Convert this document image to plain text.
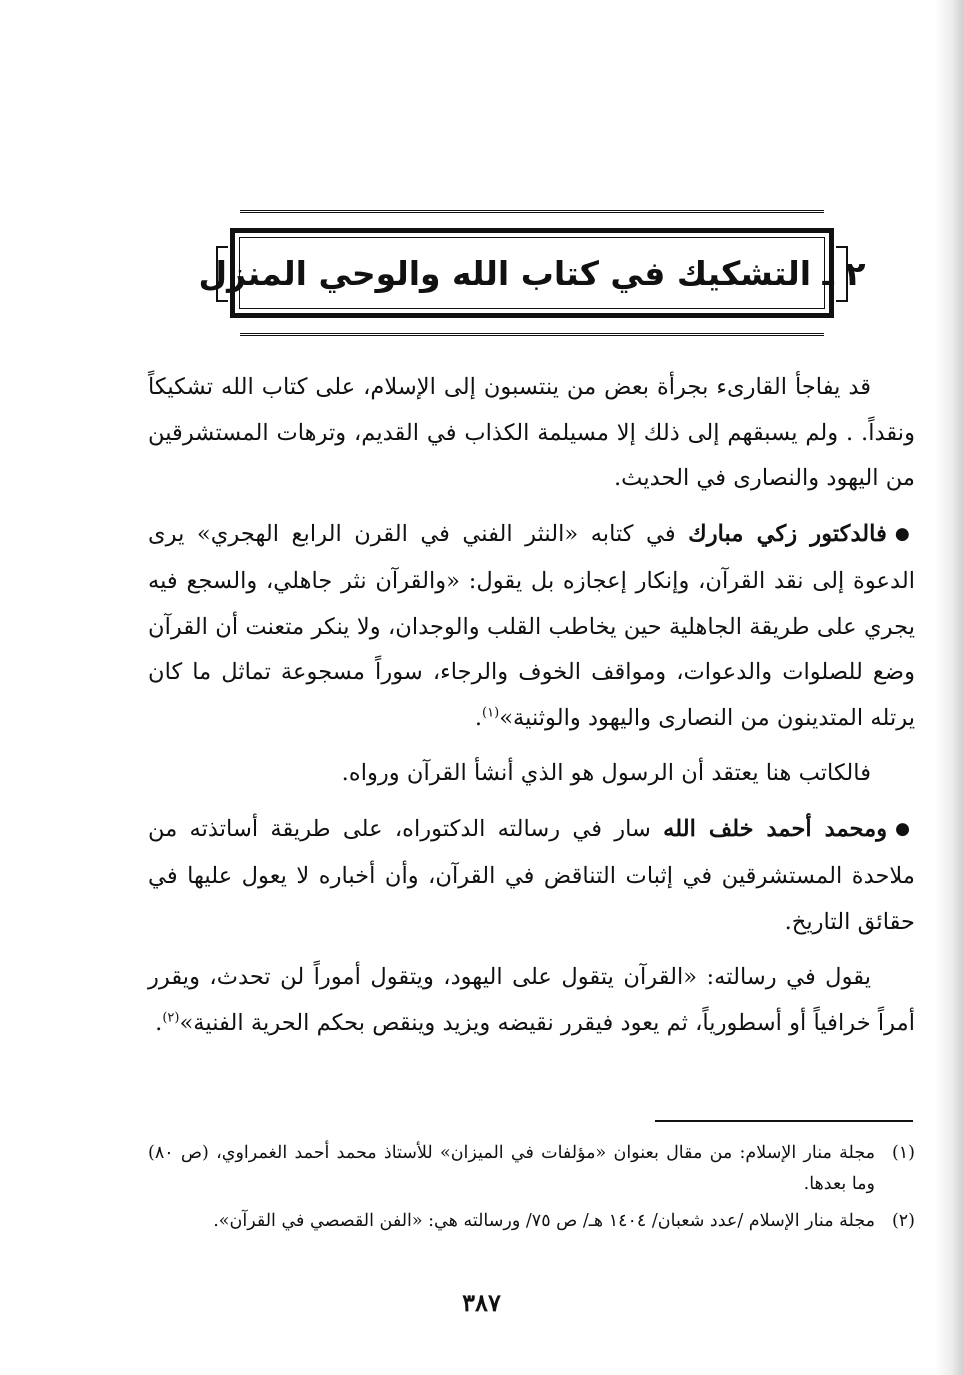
٢ ـ التشكيك في كتاب الله والوحي المنزل

قد يفاجأ القارىء بجرأة بعض من ينتسبون إلى الإسلام، على كتاب الله تشكيكاً ونقداً. . ولم يسبقهم إلى ذلك إلا مسيلمة الكذاب في القديم، وترهات المستشرقين من اليهود والنصارى في الحديث.

● فالدكتور زكي مبارك في كتابه «النثر الفني في القرن الرابع الهجري» يرى الدعوة إلى نقد القرآن، وإنكار إعجازه بل يقول: «والقرآن نثر جاهلي، والسجع فيه يجري على طريقة الجاهلية حين يخاطب القلب والوجدان، ولا ينكر متعنت أن القرآن وضع للصلوات والدعوات، ومواقف الخوف والرجاء، سوراً مسجوعة تماثل ما كان يرتله المتدينون من النصارى واليهود والوثنية»$^{(١)}$.

فالكاتب هنا يعتقد أن الرسول هو الذي أنشأ القرآن ورواه.

● ومحمد أحمد خلف الله سار في رسالته الدكتوراه، على طريقة أساتذته من ملاحدة المستشرقين في إثبات التناقض في القرآن، وأن أخباره لا يعول عليها في حقائق التاريخ.

يقول في رسالته: «القرآن يتقول على اليهود، ويتقول أموراً لن تحدث، ويقرر أمراً خرافياً أو أسطورياً، ثم يعود فيقرر نقيضه ويزيد وينقص بحكم الحرية الفنية»$^{(٢)}$.

(١)
مجلة منار الإسلام: من مقال بعنوان «مؤلفات في الميزان» للأستاذ محمد أحمد الغمراوي، (ص ٨٠) وما بعدها.
(٢)
مجلة منار الإسلام /عدد شعبان/ ١٤٠٤ هـ/ ص ٧٥/ ورسالته هي: «الفن القصصي في القرآن».
٣٨٧
